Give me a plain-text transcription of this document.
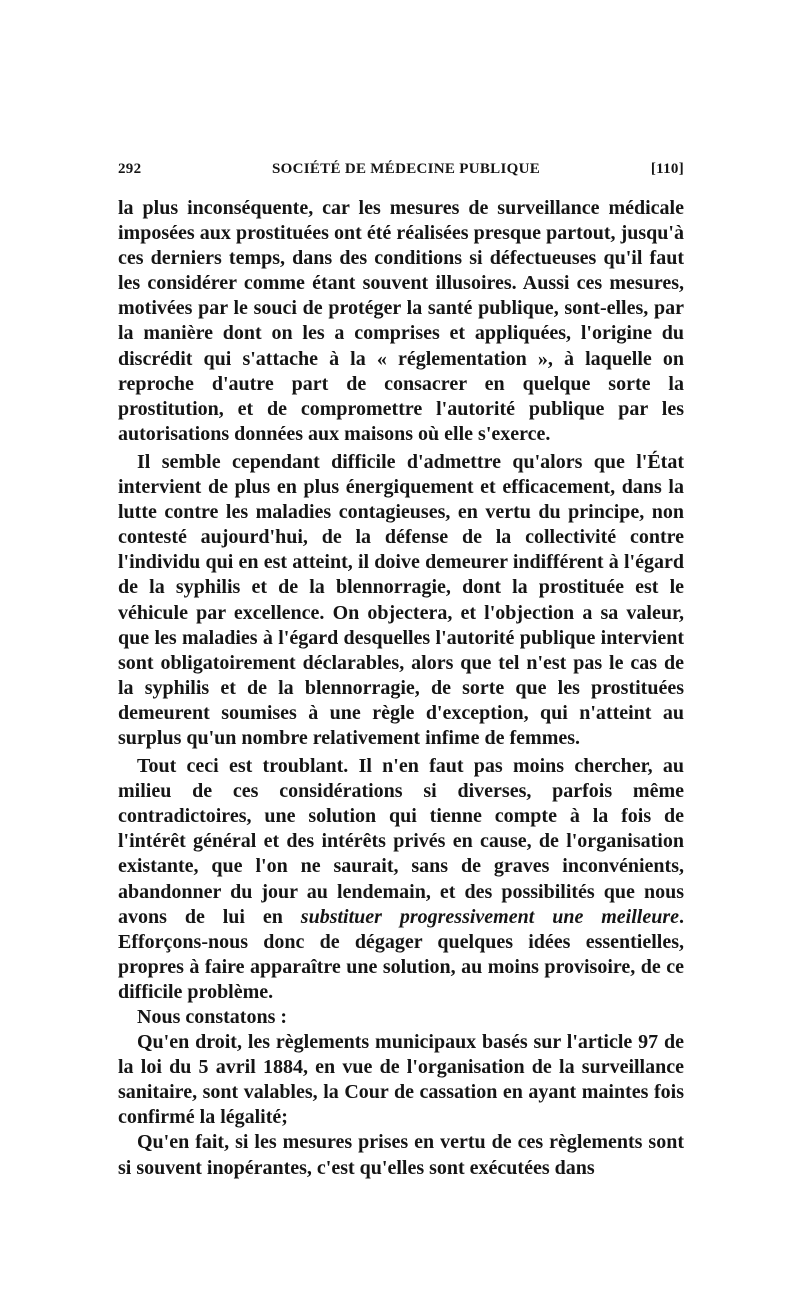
292	SOCIÉTÉ DE MÉDECINE PUBLIQUE	[110]

la plus inconséquente, car les mesures de surveillance médicale imposées aux prostituées ont été réalisées presque partout, jusqu'à ces derniers temps, dans des conditions si défectueuses qu'il faut les considérer comme étant souvent illusoires. Aussi ces mesures, motivées par le souci de protéger la santé publique, sont-elles, par la manière dont on les a comprises et appliquées, l'origine du discrédit qui s'attache à la « réglementation », à laquelle on reproche d'autre part de consacrer en quelque sorte la prostitution, et de compromettre l'autorité publique par les autorisations données aux maisons où elle s'exerce.

Il semble cependant difficile d'admettre qu'alors que l'État intervient de plus en plus énergiquement et efficacement, dans la lutte contre les maladies contagieuses, en vertu du principe, non contesté aujourd'hui, de la défense de la collectivité contre l'individu qui en est atteint, il doive demeurer indifférent à l'égard de la syphilis et de la blennorragie, dont la prostituée est le véhicule par excellence. On objectera, et l'objection a sa valeur, que les maladies à l'égard desquelles l'autorité publique intervient sont obligatoirement déclarables, alors que tel n'est pas le cas de la syphilis et de la blennorragie, de sorte que les prostituées demeurent soumises à une règle d'exception, qui n'atteint au surplus qu'un nombre relativement infime de femmes.

Tout ceci est troublant. Il n'en faut pas moins chercher, au milieu de ces considérations si diverses, parfois même contradictoires, une solution qui tienne compte à la fois de l'intérêt général et des intérêts privés en cause, de l'organisation existante, que l'on ne saurait, sans de graves inconvénients, abandonner du jour au lendemain, et des possibilités que nous avons de lui en substituer progressivement une meilleure. Efforçons-nous donc de dégager quelques idées essentielles, propres à faire apparaître une solution, au moins provisoire, de ce difficile problème.

Nous constatons :

Qu'en droit, les règlements municipaux basés sur l'article 97 de la loi du 5 avril 1884, en vue de l'organisation de la surveillance sanitaire, sont valables, la Cour de cassation en ayant maintes fois confirmé la légalité;

Qu'en fait, si les mesures prises en vertu de ces règlements sont si souvent inopérantes, c'est qu'elles sont exécutées dans
